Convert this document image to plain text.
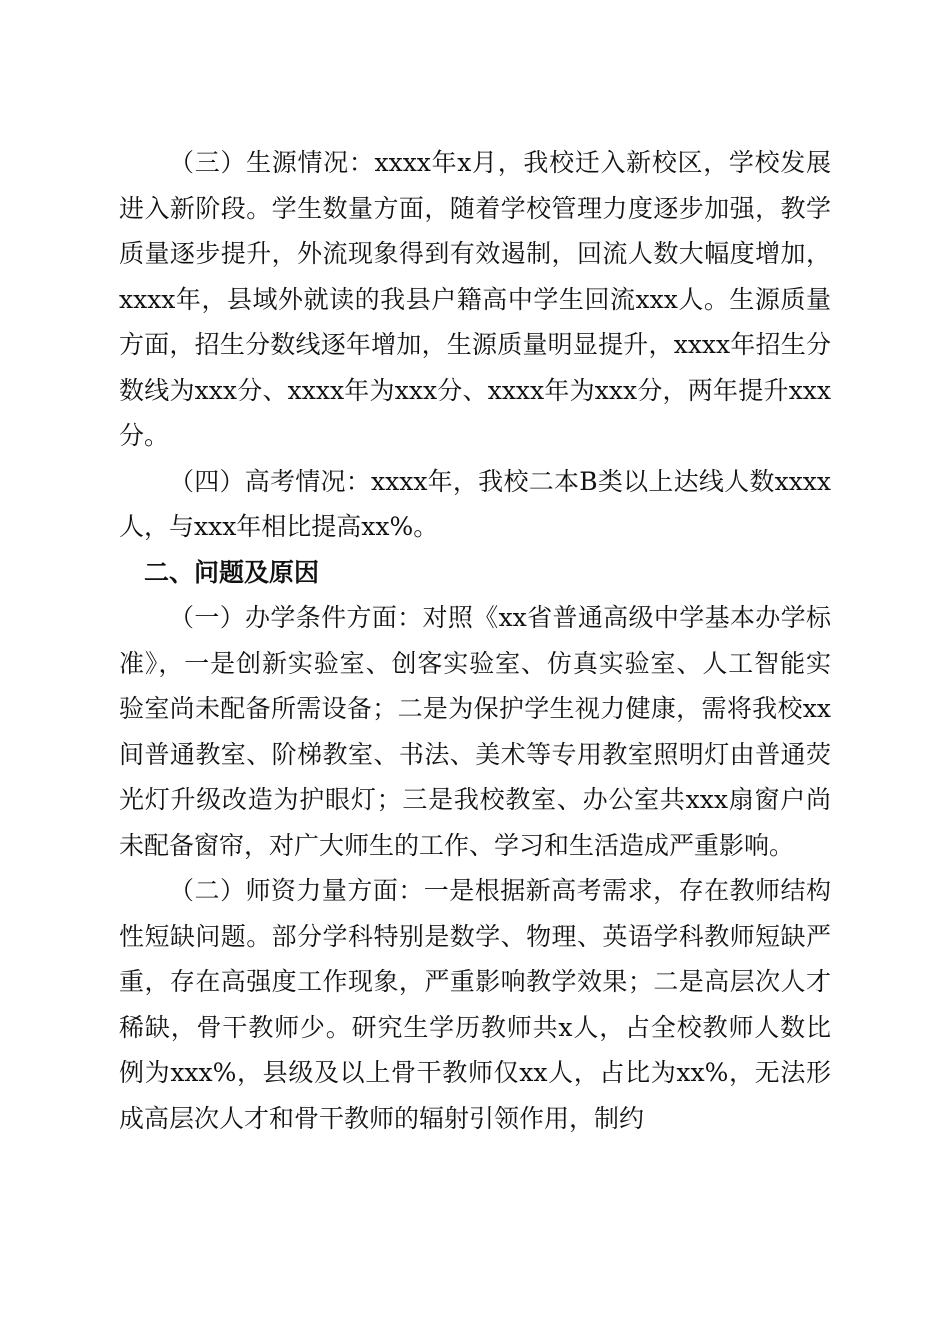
（三）生源情况：xxxx年x月，我校迁入新校区，学校发展进入新阶段。学生数量方面，随着学校管理力度逐步加强，教学质量逐步提升，外流现象得到有效遏制，回流人数大幅度增加，xxxx年，县域外就读的我县户籍高中学生回流xxx人。生源质量方面，招生分数线逐年增加，生源质量明显提升，xxxx年招生分数线为xxx分、xxxx年为xxx分、xxxx年为xxx分，两年提升xxx分。

（四）高考情况：xxxx年，我校二本B类以上达线人数xxxx人，与xxx年相比提高xx%。

二、问题及原因

（一）办学条件方面：对照《xx省普通高级中学基本办学标准》，一是创新实验室、创客实验室、仿真实验室、人工智能实验室尚未配备所需设备；二是为保护学生视力健康，需将我校xx间普通教室、阶梯教室、书法、美术等专用教室照明灯由普通荧光灯升级改造为护眼灯；三是我校教室、办公室共xxx扇窗户尚未配备窗帘，对广大师生的工作、学习和生活造成严重影响。

（二）师资力量方面：一是根据新高考需求，存在教师结构性短缺问题。部分学科特别是数学、物理、英语学科教师短缺严重，存在高强度工作现象，严重影响教学效果；二是高层次人才稀缺，骨干教师少。研究生学历教师共x人，占全校教师人数比例为xxx%，县级及以上骨干教师仅xx人，占比为xx%，无法形成高层次人才和骨干教师的辐射引领作用，制约
